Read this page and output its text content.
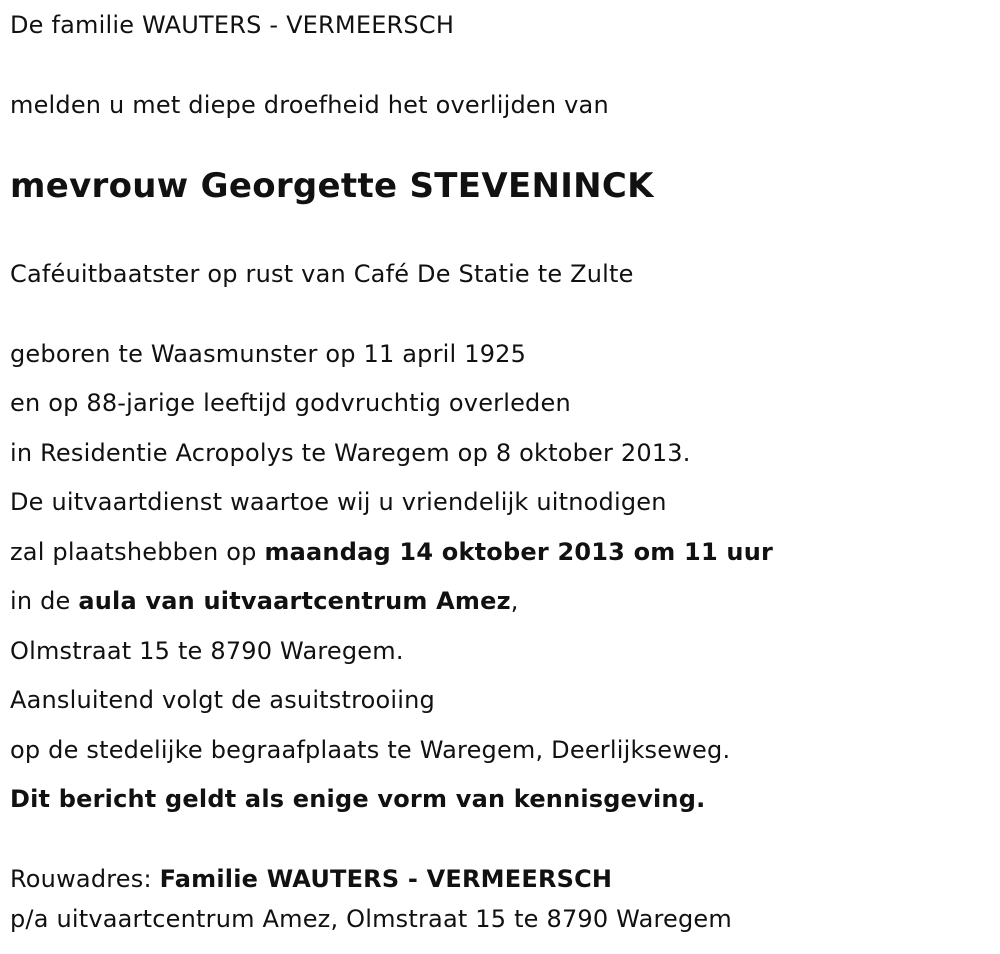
De familie WAUTERS - VERMEERSCH
melden u met diepe droefheid het overlijden van
mevrouw Georgette STEVENINCK
Caféuitbaatster op rust van Café De Statie te Zulte
geboren te Waasmunster op 11 april 1925
en op 88-jarige leeftijd godvruchtig overleden
in Residentie Acropolys te Waregem op 8 oktober 2013.
De uitvaartdienst waartoe wij u vriendelijk uitnodigen
zal plaatshebben op maandag 14 oktober 2013 om 11 uur
in de aula van uitvaartcentrum Amez,
Olmstraat 15 te 8790 Waregem.
Aansluitend volgt de asuitstrooiing
op de stedelijke begraafplaats te Waregem, Deerlijkseweg.
Dit bericht geldt als enige vorm van kennisgeving.
Rouwadres: Familie WAUTERS - VERMEERSCH
p/a uitvaartcentrum Amez, Olmstraat 15 te 8790 Waregem
